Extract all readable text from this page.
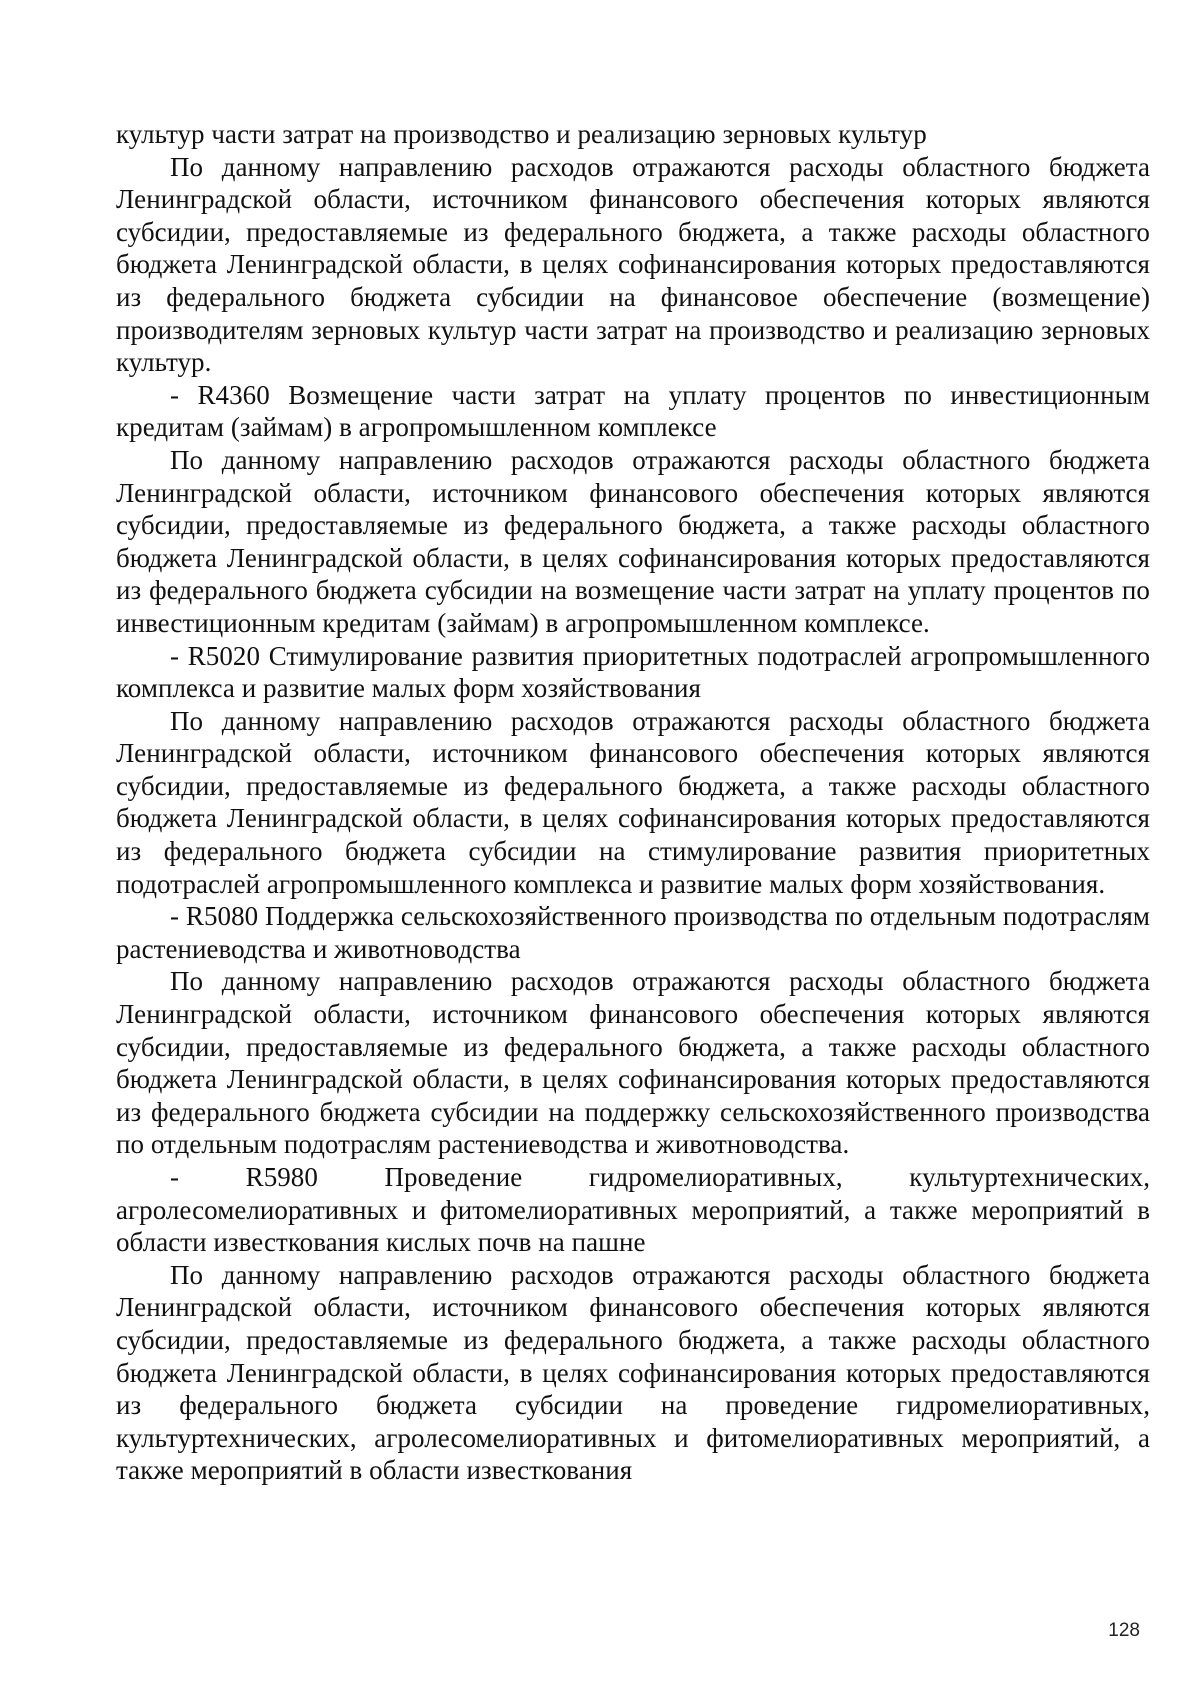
культур части затрат на производство и реализацию зерновых культур

По данному направлению расходов отражаются расходы областного бюджета Ленинградской области, источником финансового обеспечения которых являются субсидии, предоставляемые из федерального бюджета, а также расходы областного бюджета Ленинградской области, в целях софинансирования которых предоставляются из федерального бюджета субсидии на финансовое обеспечение (возмещение) производителям зерновых культур части затрат на производство и реализацию зерновых культур.

- R4360 Возмещение части затрат на уплату процентов по инвестиционным кредитам (займам) в агропромышленном комплексе

По данному направлению расходов отражаются расходы областного бюджета Ленинградской области, источником финансового обеспечения которых являются субсидии, предоставляемые из федерального бюджета, а также расходы областного бюджета Ленинградской области, в целях софинансирования которых предоставляются из федерального бюджета субсидии на возмещение части затрат на уплату процентов по инвестиционным кредитам (займам) в агропромышленном комплексе.

- R5020 Стимулирование развития приоритетных подотраслей агропромышленного комплекса и развитие малых форм хозяйствования

По данному направлению расходов отражаются расходы областного бюджета Ленинградской области, источником финансового обеспечения которых являются субсидии, предоставляемые из федерального бюджета, а также расходы областного бюджета Ленинградской области, в целях софинансирования которых предоставляются из федерального бюджета субсидии на стимулирование развития приоритетных подотраслей агропромышленного комплекса и развитие малых форм хозяйствования.

- R5080 Поддержка сельскохозяйственного производства по отдельным подотраслям растениеводства и животноводства

По данному направлению расходов отражаются расходы областного бюджета Ленинградской области, источником финансового обеспечения которых являются субсидии, предоставляемые из федерального бюджета, а также расходы областного бюджета Ленинградской области, в целях софинансирования которых предоставляются из федерального бюджета субсидии на поддержку сельскохозяйственного производства по отдельным подотраслям растениеводства и животноводства.

- R5980 Проведение гидромелиоративных, культуртехнических, агролесомелиоративных и фитомелиоративных мероприятий, а также мероприятий в области известкования кислых почв на пашне

По данному направлению расходов отражаются расходы областного бюджета Ленинградской области, источником финансового обеспечения которых являются субсидии, предоставляемые из федерального бюджета, а также расходы областного бюджета Ленинградской области, в целях софинансирования которых предоставляются из федерального бюджета субсидии на проведение гидромелиоративных, культуртехнических, агролесомелиоративных и фитомелиоративных мероприятий, а также мероприятий в области известкования

128
